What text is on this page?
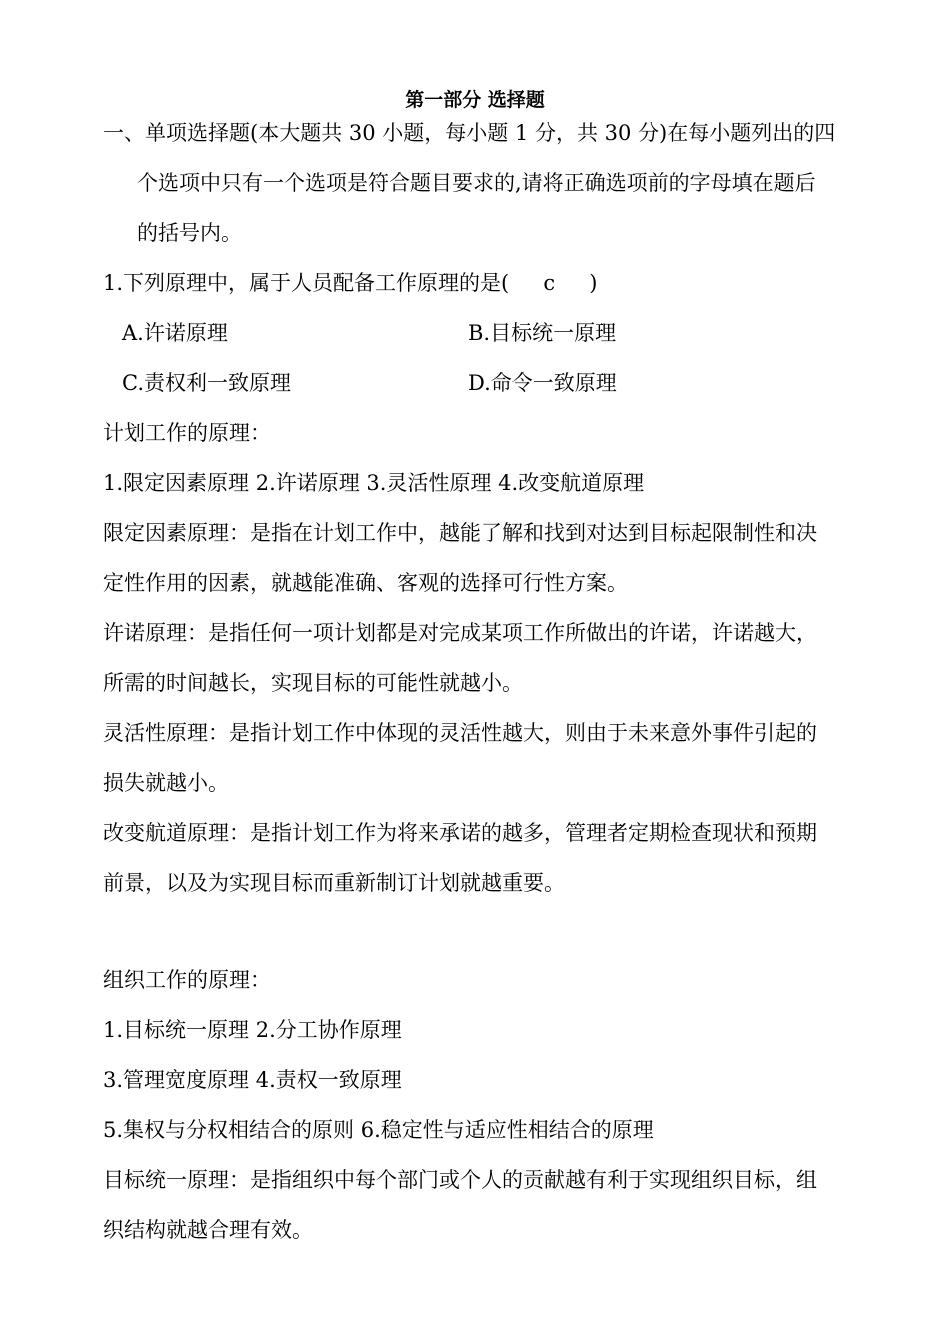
第一部分 选择题
一、单项选择题(本大题共 30 小题，每小题 1 分，共 30 分)在每小题列出的四
个选项中只有一个选项是符合题目要求的,请将正确选项前的字母填在题后
的括号内。
1.下列原理中，属于人员配备工作原理的是( c )
A.许诺原理	B.目标统一原理
C.责权利一致原理	D.命令一致原理
计划工作的原理：
1.限定因素原理 2.许诺原理 3.灵活性原理 4.改变航道原理
限定因素原理：是指在计划工作中，越能了解和找到对达到目标起限制性和决
定性作用的因素，就越能准确、客观的选择可行性方案。
许诺原理：是指任何一项计划都是对完成某项工作所做出的许诺，许诺越大，
所需的时间越长，实现目标的可能性就越小。
灵活性原理：是指计划工作中体现的灵活性越大，则由于未来意外事件引起的
损失就越小。
改变航道原理：是指计划工作为将来承诺的越多，管理者定期检查现状和预期
前景，以及为实现目标而重新制订计划就越重要。
组织工作的原理：
1.目标统一原理 2.分工协作原理
3.管理宽度原理 4.责权一致原理
5.集权与分权相结合的原则 6.稳定性与适应性相结合的原理
目标统一原理：是指组织中每个部门或个人的贡献越有利于实现组织目标，组
织结构就越合理有效。
